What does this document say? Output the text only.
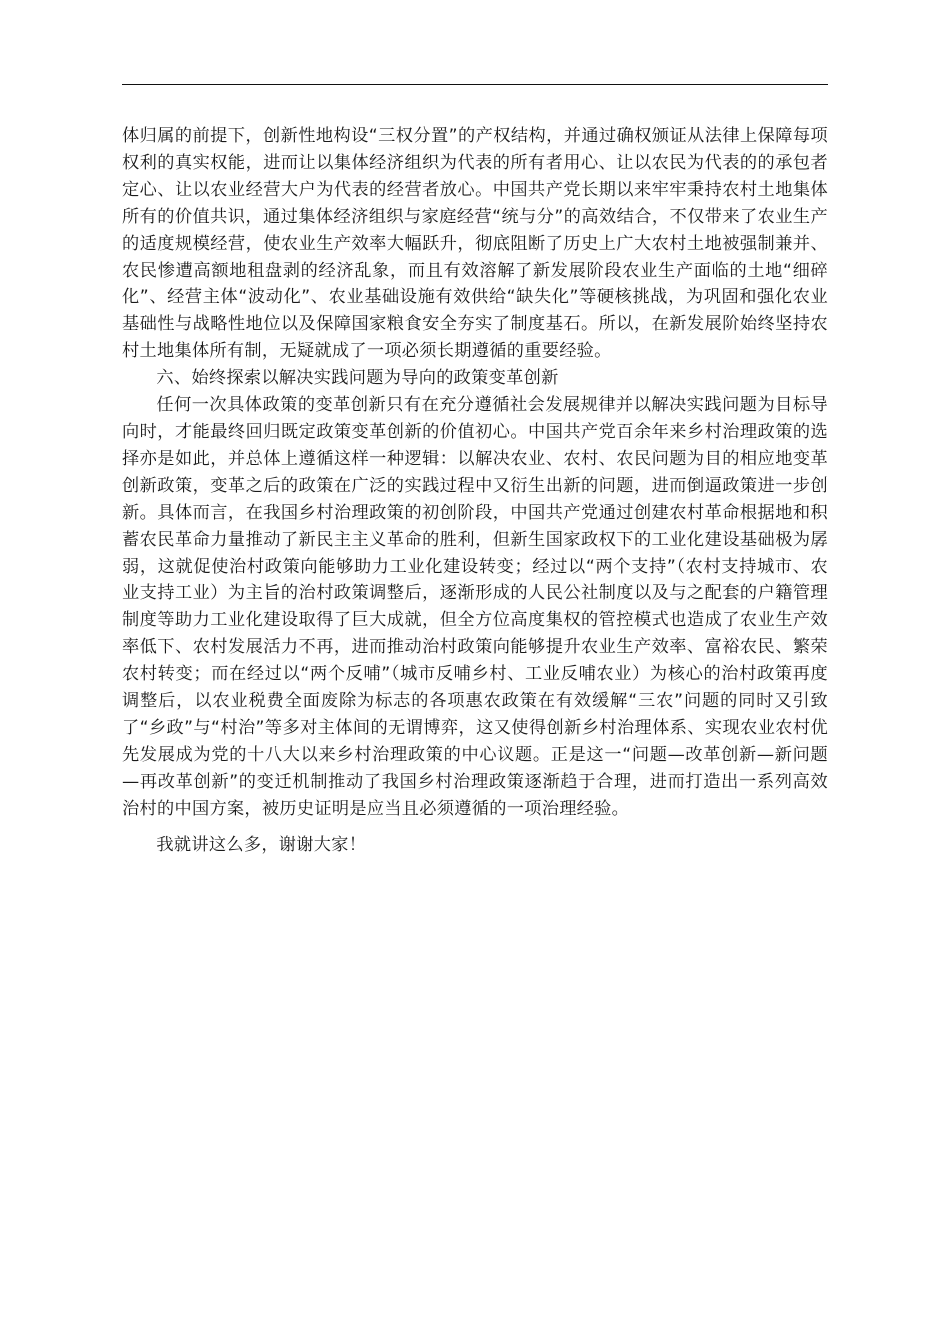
体归属的前提下，创新性地构设“三权分置”的产权结构，并通过确权颁证从法律上保障每项权利的真实权能，进而让以集体经济组织为代表的所有者用心、让以农民为代表的的承包者定心、让以农业经营大户为代表的经营者放心。中国共产党长期以来牢牢秉持农村土地集体所有的价值共识，通过集体经济组织与家庭经营“统与分”的高效结合，不仅带来了农业生产的适度规模经营，使农业生产效率大幅跃升，彻底阻断了历史上广大农村土地被强制兼并、农民惨遭高额地租盘剥的经济乱象，而且有效溶解了新发展阶段农业生产面临的土地“细碎化”、经营主体“波动化”、农业基础设施有效供给“缺失化”等硬核挑战，为巩固和强化农业基础性与战略性地位以及保障国家粮食安全夯实了制度基石。所以，在新发展阶始终坚持农村土地集体所有制，无疑就成了一项必须长期遵循的重要经验。

六、始终探索以解决实践问题为导向的政策变革创新

任何一次具体政策的变革创新只有在充分遵循社会发展规律并以解决实践问题为目标导向时，才能最终回归既定政策变革创新的价值初心。中国共产党百余年来乡村治理政策的选择亦是如此，并总体上遵循这样一种逻辑：以解决农业、农村、农民问题为目的相应地变革创新政策，变革之后的政策在广泛的实践过程中又衍生出新的问题，进而倒逼政策进一步创新。具体而言，在我国乡村治理政策的初创阶段，中国共产党通过创建农村革命根据地和积蓄农民革命力量推动了新民主主义革命的胜利，但新生国家政权下的工业化建设基础极为孱弱，这就促使治村政策向能够助力工业化建设转变；经过以“两个支持”（农村支持城市、农业支持工业）为主旨的治村政策调整后，逐渐形成的人民公社制度以及与之配套的户籍管理制度等助力工业化建设取得了巨大成就，但全方位高度集权的管控模式也造成了农业生产效率低下、农村发展活力不再，进而推动治村政策向能够提升农业生产效率、富裕农民、繁荣农村转变；而在经过以“两个反哺”（城市反哺乡村、工业反哺农业）为核心的治村政策再度调整后，以农业税费全面废除为标志的各项惠农政策在有效缓解“三农”问题的同时又引致了“乡政”与“村治”等多对主体间的无谓博弈，这又使得创新乡村治理体系、实现农业农村优先发展成为党的十八大以来乡村治理政策的中心议题。正是这一“问题—改革创新—新问题—再改革创新”的变迁机制推动了我国乡村治理政策逐渐趋于合理，进而打造出一系列高效治村的中国方案，被历史证明是应当且必须遵循的一项治理经验。

我就讲这么多，谢谢大家！
